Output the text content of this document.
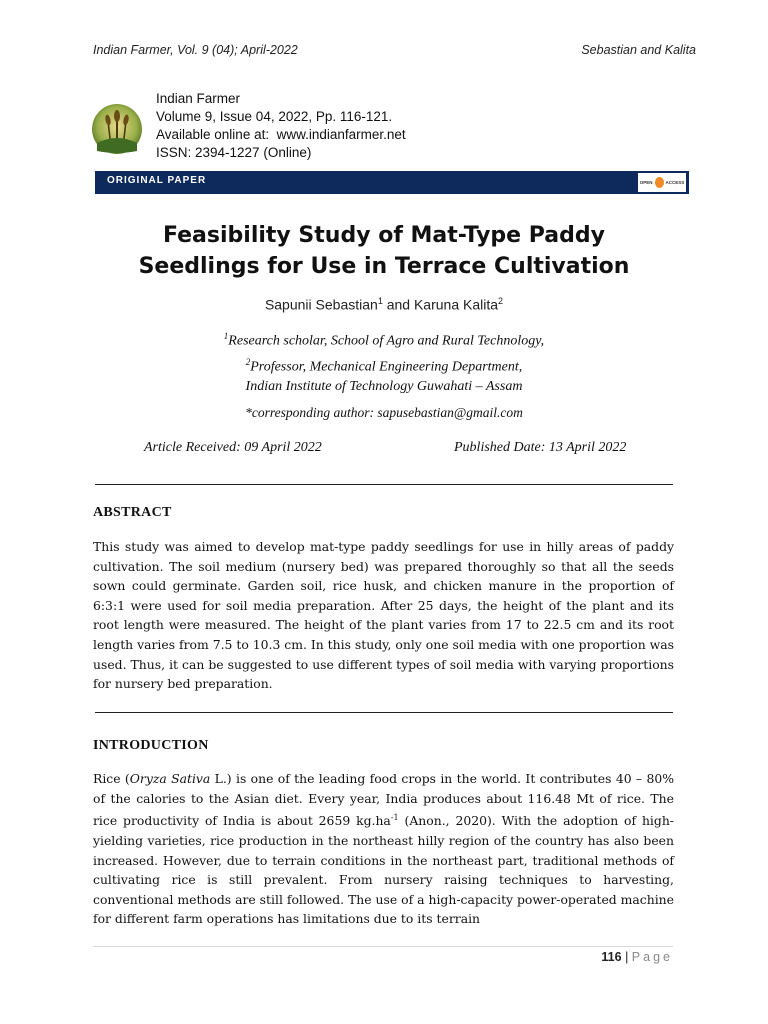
Indian Farmer, Vol. 9 (04); April-2022	Sebastian and Kalita
Indian Farmer
Volume 9, Issue 04, 2022, Pp. 116-121.
Available online at: www.indianfarmer.net
ISSN: 2394-1227 (Online)
ORIGINAL PAPER	OPEN	ACCESS
Feasibility Study of Mat-Type Paddy
Seedlings for Use in Terrace Cultivation
Sapunii Sebastian$^1$ and Karuna Kalita$^2$
$^1$Research scholar, School of Agro and Rural Technology,
$^2$Professor, Mechanical Engineering Department,
Indian Institute of Technology Guwahati – Assam
*corresponding author: sapusebastian@gmail.com
Article Received: 09 April 2022	Published Date: 13 April 2022
ABSTRACT

This study was aimed to develop mat-type paddy seedlings for use in hilly areas of paddy cultivation. The soil medium (nursery bed) was prepared thoroughly so that all the seeds sown could germinate. Garden soil, rice husk, and chicken manure in the proportion of 6:3:1 were used for soil media preparation. After 25 days, the height of the plant and its root length were measured. The height of the plant varies from 17 to 22.5 cm and its root length varies from 7.5 to 10.3 cm. In this study, only one soil media with one proportion was used. Thus, it can be suggested to use different types of soil media with varying proportions for nursery bed preparation.

INTRODUCTION

Rice (Oryza Sativa L.) is one of the leading food crops in the world. It contributes 40 – 80% of the calories to the Asian diet. Every year, India produces about 116.48 Mt of rice. The rice productivity of India is about 2659 $kg.ha^{-1}$ (Anon., 2020). With the adoption of high-yielding varieties, rice production in the northeast hilly region of the country has also been increased. However, due to terrain conditions in the northeast part, traditional methods of cultivating rice is still prevalent. From nursery raising techniques to harvesting, conventional methods are still followed. The use of a high-capacity power-operated machine for different farm operations has limitations due to its terrain

116 | Page
